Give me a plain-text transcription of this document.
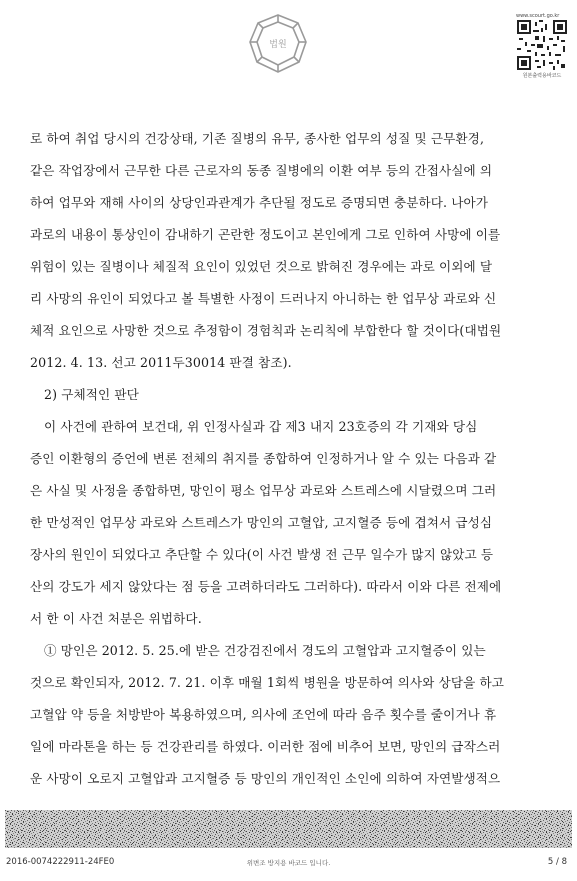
법원
www.scourt.go.kr
원본출력용바코드
로 하여 취업 당시의 건강상태, 기존 질병의 유무, 종사한 업무의 성질 및 근무환경,
같은 작업장에서 근무한 다른 근로자의 동종 질병에의 이환 여부 등의 간접사실에 의
하여 업무와 재해 사이의 상당인과관계가 추단될 정도로 증명되면 충분하다. 나아가
과로의 내용이 통상인이 감내하기 곤란한 정도이고 본인에게 그로 인하여 사망에 이를
위험이 있는 질병이나 체질적 요인이 있었던 것으로 밝혀진 경우에는 과로 이외에 달
리 사망의 유인이 되었다고 볼 특별한 사정이 드러나지 아니하는 한 업무상 과로와 신
체적 요인으로 사망한 것으로 추정함이 경험칙과 논리칙에 부합한다 할 것이다(대법원
2012. 4. 13. 선고 2011두30014 판결 참조).
2) 구체적인 판단
이 사건에 관하여 보건대, 위 인정사실과 갑 제3 내지 23호증의 각 기재와 당심
증인 이환형의 증언에 변론 전체의 취지를 종합하여 인정하거나 알 수 있는 다음과 같
은 사실 및 사정을 종합하면, 망인이 평소 업무상 과로와 스트레스에 시달렸으며 그러
한 만성적인 업무상 과로와 스트레스가 망인의 고혈압, 고지혈증 등에 겹쳐서 급성심
장사의 원인이 되었다고 추단할 수 있다(이 사건 발생 전 근무 일수가 많지 않았고 등
산의 강도가 세지 않았다는 점 등을 고려하더라도 그러하다). 따라서 이와 다른 전제에
서 한 이 사건 처분은 위법하다.
① 망인은 2012. 5. 25.에 받은 건강검진에서 경도의 고혈압과 고지혈증이 있는
것으로 확인되자, 2012. 7. 21. 이후 매월 1회씩 병원을 방문하여 의사와 상담을 하고
고혈압 약 등을 처방받아 복용하였으며, 의사에 조언에 따라 음주 횟수를 줄이거나 휴
일에 마라톤을 하는 등 건강관리를 하였다. 이러한 점에 비추어 보면, 망인의 급작스러
운 사망이 오로지 고혈압과 고지혈증 등 망인의 개인적인 소인에 의하여 자연발생적으
2016-0074222911-24FE0	위변조 방지용 바코드 입니다.	5 / 8
